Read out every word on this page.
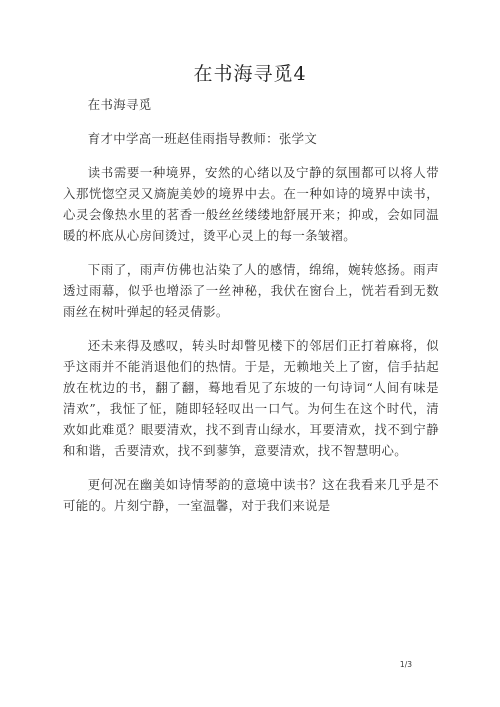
在书海寻觅4

在书海寻觅

育才中学高一班赵佳雨指导教师：张学文

读书需要一种境界，安然的心绪以及宁静的氛围都可以将人带入那恍惚空灵又旖旎美妙的境界中去。在一种如诗的境界中读书，心灵会像热水里的茗香一般丝丝缕缕地舒展开来；抑或，会如同温暖的杯底从心房间烫过，烫平心灵上的每一条皱褶。

下雨了，雨声仿佛也沾染了人的感情，绵绵，婉转悠扬。雨声透过雨幕，似乎也增添了一丝神秘，我伏在窗台上，恍若看到无数雨丝在树叶弹起的轻灵倩影。

还未来得及感叹，转头时却瞥见楼下的邻居们正打着麻将，似乎这雨并不能消退他们的热情。于是，无赖地关上了窗，信手拈起放在枕边的书，翻了翻，蓦地看见了东坡的一句诗词“人间有味是清欢”，我怔了怔，随即轻轻叹出一口气。为何生在这个时代，清欢如此难觅？眼要清欢，找不到青山绿水，耳要清欢，找不到宁静和和谐，舌要清欢，找不到蓼笋，意要清欢，找不智慧明心。

更何况在幽美如诗情琴韵的意境中读书？这在我看来几乎是不可能的。片刻宁静，一室温馨，对于我们来说是

1/3
